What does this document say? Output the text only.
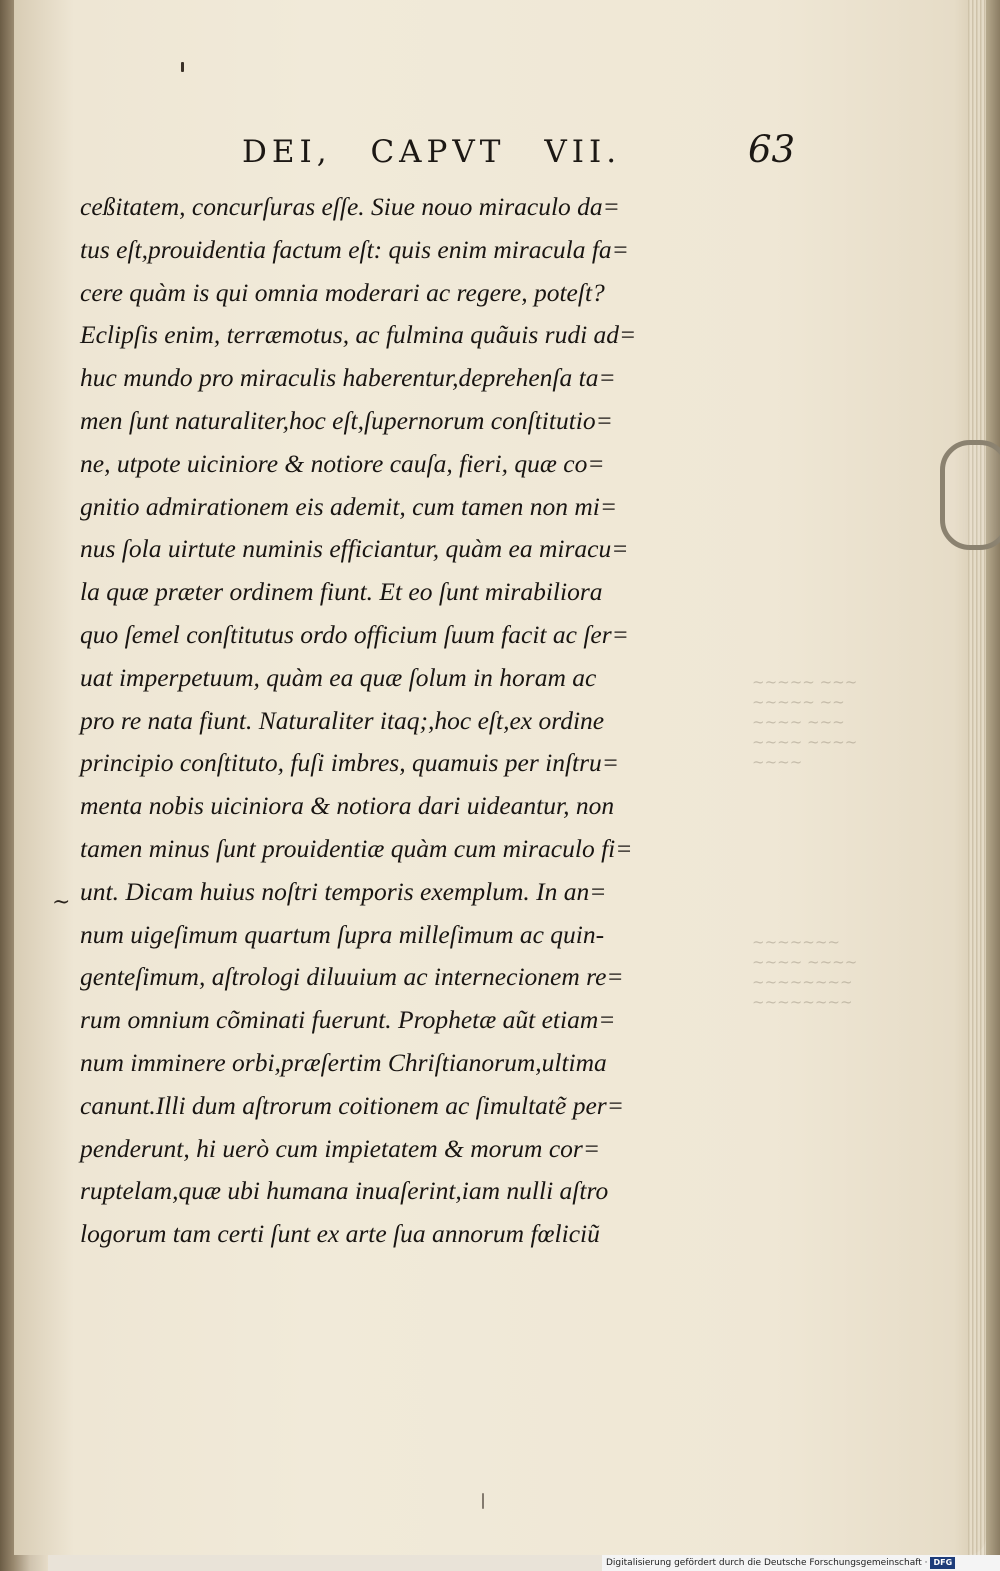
~~~~~ ~~~
~~~~~ ~~
~~~~ ~~~
~~~~ ~~~~
~~~~
~~~~~~~
~~~~ ~~~~
~~~~~~~~
~~~~~~~~
DEI, CAPVT VII.	63
ceßitatem, concurſuras eſſe. Siue nouo miraculo da=
tus eſt,prouidentia factum eſt: quis enim miracula fa=
cere quàm is qui omnia moderari ac regere, poteſt?
Eclipſis enim, terræmotus, ac fulmina quãuis rudi ad=
huc mundo pro miraculis haberentur,deprehenſa ta=
men ſunt naturaliter,hoc eſt,ſupernorum conſtitutio=
ne, utpote uiciniore & notiore cauſa, fieri, quæ co=
gnitio admirationem eis ademit, cum tamen non mi=
nus ſola uirtute numinis efficiantur, quàm ea miracu=
la quæ præter ordinem fiunt. Et eo ſunt mirabiliora
quo ſemel conſtitutus ordo officium ſuum facit ac ſer=
uat imperpetuum, quàm ea quæ ſolum in horam ac
pro re nata fiunt. Naturaliter itaq;,hoc eſt,ex ordine
principio conſtituto, fuſi imbres, quamuis per inſtru=
menta nobis uiciniora & notiora dari uideantur, non
tamen minus ſunt prouidentiæ quàm cum miraculo fi=
unt. Dicam huius noſtri temporis exemplum. In an=
num uigeſimum quartum ſupra milleſimum ac quin-
genteſimum, aſtrologi diluuium ac internecionem re=
rum omnium cõminati fuerunt. Prophetæ aũt etiam=
num imminere orbi,præſertim Chriſtianorum,ultima
canunt.Illi dum aſtrorum coitionem ac ſimultatẽ per=
penderunt, hi uerò cum impietatem & morum cor=
ruptelam,quæ ubi humana inuaſerint,iam nulli aſtro
logorum tam certi ſunt ex arte ſua annorum fœliciũ
~
Digitalisierung gefördert durch die Deutsche Forschungsgemeinschaft · DFG
